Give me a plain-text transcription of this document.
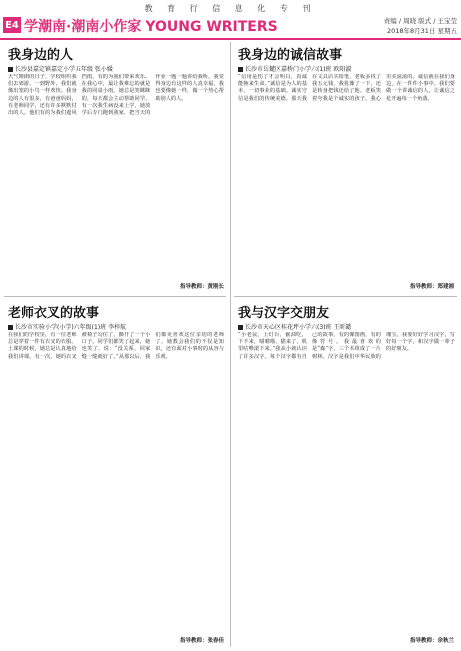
教 育 行 信 息 化 专 刊
E4 学潮南·潮南小作家 YOUNG WRITERS	责编 / 周晓 版式 / 王宝莹
2018年8月31日 星期五
我身边的人
长沙县嘉定镇嘉定小学五年级 张小媛
天气晴朗的日子，学校组织我们去郊游。一到野外，我们就像出笼的小鸟一样欢快。我身边的人有很多，有爸爸妈妈，有老师同学，还有许多默默付出的人。他们有的为我们遮风挡雨，有的为我们带来欢乐。在我心中，最让我难忘的就是我的同桌小雨。她总是笑眯眯的，每天都会主动帮助同学。有一次我生病没来上学，她放学后专门跑到我家，把当天的作业一题一题讲给我听。我觉得身边有这样的人真幸福，我也要像她一样，做一个热心帮助别人的人。
指导教师：黄刚长
我身边的诚信故事
长沙市岳麓区嘉桥门小学六(1)班 欧阳淑
“信用是伤了才会明白，真诚能换来生命。”诚信是为人的基本，一切事业的基础。诚实守信是我们的传统美德。那天我在文具店买铅笔，老板多找了我五元钱，我犹豫了一下，还是转身把钱还给了他。老板笑着夸我是个诚实的孩子。我心里美滋滋的。诚信就在我们身边，在一件件小事中。我们要做一个讲诚信的人，让诚信之花开遍每一个角落。
指导教师：郑建湘
老师衣叉的故事
长沙市实验小学(小学)六年级(1)班 李梓航
在我们的学校里，有一位老师总是穿着一件有衣叉的衣服。上课的时候，她总是认真地给我们讲课。有一次，她的衣叉被椅子勾住了，撕开了一个小口子。同学们都笑了起来，她也笑了，说：“没关系，回家缝一缝就好了。”从那以后，我们都更喜欢这位亲切的老师了。她教会我们的不仅是知识，还有面对小事时的从容与乐观。
指导教师：张春佳
我与汉字交朋友
长沙市天心区桂花坪小学六(3)班 王昕懿
“小老鼠，上灯台，偷油吃，下不来，喵喵喵，猫来了，叽里咕噜滚下来。”我从小就认识了许多汉字。每个汉字都有自己的故事，有的像图画，有的像符号。我最喜欢的是“森”字，三个木组成了一片树林。汉字是我们中华民族的瑰宝，我要好好学习汉字，写好每一个字，和汉字做一辈子的好朋友。
指导教师：余秋兰
